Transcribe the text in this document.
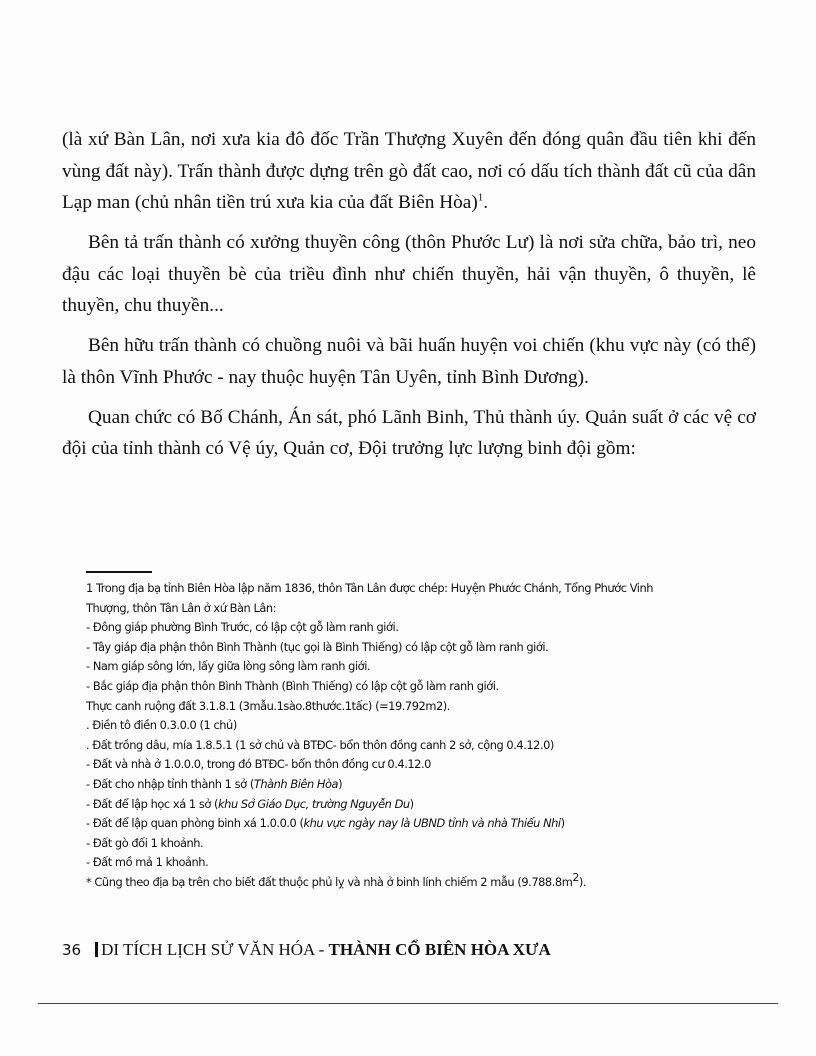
(là xứ Bàn Lân, nơi xưa kia đô đốc Trần Thượng Xuyên đến đóng quân đầu tiên khi đến vùng đất này). Trấn thành được dựng trên gò đất cao, nơi có dấu tích thành đất cũ của dân Lạp man (chủ nhân tiền trú xưa kia của đất Biên Hòa)$^1$.

Bên tả trấn thành có xưởng thuyền công (thôn Phước Lư) là nơi sửa chữa, bảo trì, neo đậu các loại thuyền bè của triều đình như chiến thuyền, hải vận thuyền, ô thuyền, lê thuyền, chu thuyền...

Bên hữu trấn thành có chuồng nuôi và bãi huấn huyện voi chiến (khu vực này (có thể) là thôn Vĩnh Phước - nay thuộc huyện Tân Uyên, tỉnh Bình Dương).

Quan chức có Bố Chánh, Án sát, phó Lãnh Binh, Thủ thành úy. Quản suất ở các vệ cơ đội của tỉnh thành có Vệ úy, Quản cơ, Đội trưởng lực lượng binh đội gồm:

1 Trong địa bạ tỉnh Biên Hòa lập năm 1836, thôn Tân Lân được chép: Huyện Phước Chánh, Tổng Phước Vinh
Thượng, thôn Tân Lân ở xứ Bàn Lân:
- Đông giáp phường Bình Trước, có lập cột gỗ làm ranh giới.
- Tây giáp địa phận thôn Bình Thành (tục gọi là Bình Thiếng) có lập cột gỗ làm ranh giới.
- Nam giáp sông lớn, lấy giữa lòng sông làm ranh giới.
- Bắc giáp địa phận thôn Bình Thành (Bình Thiếng) có lập cột gỗ làm ranh giới.
Thực canh ruộng đất 3.1.8.1 (3mẫu.1sào.8thước.1tấc) (=19.792m2).
. Điền tô điền 0.3.0.0 (1 chủ)
. Đất trồng dâu, mía 1.8.5.1 (1 sở chủ và BTĐC- bổn thôn đồng canh 2 sở, cộng 0.4.12.0)
- Đất và nhà ở 1.0.0.0, trong đó BTĐC- bổn thôn đồng cư 0.4.12.0
- Đất cho nhập tỉnh thành 1 sở (Thành Biên Hòa)
- Đất để lập học xá 1 sở (khu Sở Giáo Dục, trường Nguyễn Du)
- Đất để lập quan phòng binh xá 1.0.0.0 (khu vực ngày nay là UBND tỉnh và nhà Thiếu Nhi)
- Đất gò đối 1 khoảnh.
- Đất mồ mả 1 khoảnh.
* Cũng theo địa bạ trên cho biết đất thuộc phủ lỵ và nhà ở binh lính chiếm 2 mẫu $(9.788.8m^2)$.
36 DI TÍCH LỊCH SỬ VĂN HÓA - THÀNH CỔ BIÊN HÒA XƯA
